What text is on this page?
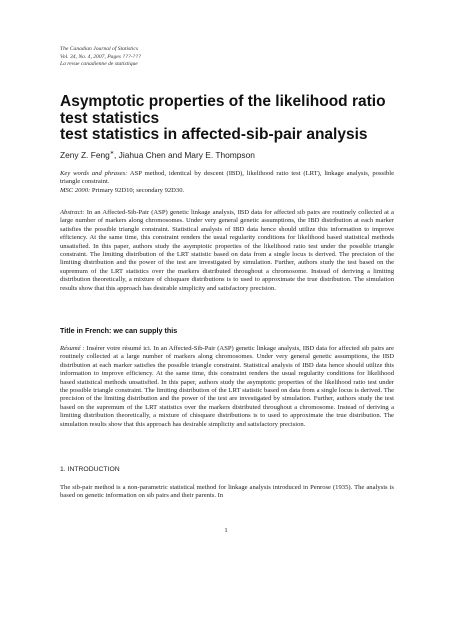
The Canadian Journal of Statistics
Vol. 34, No. 4, 2007, Pages ???-???
La revue canadienne de statistique
Asymptotic properties of the likelihood ratio
test statistics
test statistics in affected-sib-pair analysis
Zeny Z. Feng∗, Jiahua Chen and Mary E. Thompson
Key words and phrases: ASP method, identical by descent (IBD), likelihood ratio test (LRT), linkage analysis, possible triangle constraint.
MSC 2000: Primary 92D10; secondary 92D30.
Abstract: In an Affected-Sib-Pair (ASP) genetic linkage analysis, IBD data for affected sib pairs are routinely collected at a large number of markers along chromosomes. Under very general genetic assumptions, the IBD distribution at each marker satisfies the possible triangle constraint. Statistical analysis of IBD data hence should utilize this information to improve efficiency. At the same time, this constraint renders the usual regularity conditions for likelihood based statistical methods unsatisfied. In this paper, authors study the asymptotic properties of the likelihood ratio test under the possible triangle constraint. The limiting distribution of the LRT statistic based on data from a single locus is derived. The precision of the limiting distribution and the power of the test are investigated by simulation. Further, authors study the test based on the supremum of the LRT statistics over the markers distributed throughout a chromosome. Instead of deriving a limiting distribution theoretically, a mixture of chisquare distributions is to used to approximate the true distribution. The simulation results show that this approach has desirable simplicity and satisfactory precision.
Title in French: we can supply this
Résumé : Insérer votre résumé ici. In an Affected-Sib-Pair (ASP) genetic linkage analysis, IBD data for affected sib pairs are routinely collected at a large number of markers along chromosomes. Under very general genetic assumptions, the IBD distribution at each marker satisfies the possible triangle constraint. Statistical analysis of IBD data hence should utilize this information to improve efficiency. At the same time, this constraint renders the usual regularity conditions for likelihood based statistical methods unsatisfied. In this paper, authors study the asymptotic properties of the likelihood ratio test under the possible triangle constraint. The limiting distribution of the LRT statistic based on data from a single locus is derived. The precision of the limiting distribution and the power of the test are investigated by simulation. Further, authors study the test based on the supremum of the LRT statistics over the markers distributed throughout a chromosome. Instead of deriving a limiting distribution theoretically, a mixture of chisquare distributions is to used to approximate the true distribution. The simulation results show that this approach has desirable simplicity and satisfactory precision.
1. INTRODUCTION
The sib-pair method is a non-parametric statistical method for linkage analysis introduced in Penrose (1935). The analysis is based on genetic information on sib pairs and their parents. In
1
